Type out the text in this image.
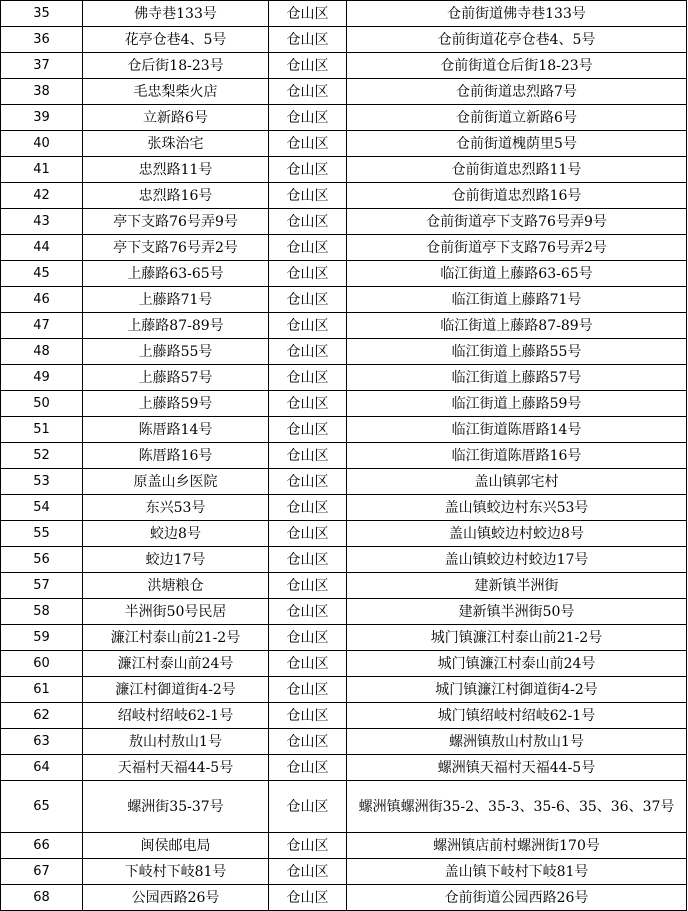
35	佛寺巷133号	仓山区	仓前街道佛寺巷133号
36	花亭仓巷4、5号	仓山区	仓前街道花亭仓巷4、5号
37	仓后街18-23号	仓山区	仓前街道仓后街18-23号
38	毛忠梨柴火店	仓山区	仓前街道忠烈路7号
39	立新路6号	仓山区	仓前街道立新路6号
40	张珠治宅	仓山区	仓前街道槐荫里5号
41	忠烈路11号	仓山区	仓前街道忠烈路11号
42	忠烈路16号	仓山区	仓前街道忠烈路16号
43	亭下支路76号弄9号	仓山区	仓前街道亭下支路76号弄9号
44	亭下支路76号弄2号	仓山区	仓前街道亭下支路76号弄2号
45	上藤路63-65号	仓山区	临江街道上藤路63-65号
46	上藤路71号	仓山区	临江街道上藤路71号
47	上藤路87-89号	仓山区	临江街道上藤路87-89号
48	上藤路55号	仓山区	临江街道上藤路55号
49	上藤路57号	仓山区	临江街道上藤路57号
50	上藤路59号	仓山区	临江街道上藤路59号
51	陈厝路14号	仓山区	临江街道陈厝路14号
52	陈厝路16号	仓山区	临江街道陈厝路16号
53	原盖山乡医院	仓山区	盖山镇郭宅村
54	东兴53号	仓山区	盖山镇蛟边村东兴53号
55	蛟边8号	仓山区	盖山镇蛟边村蛟边8号
56	蛟边17号	仓山区	盖山镇蛟边村蛟边17号
57	洪塘粮仓	仓山区	建新镇半洲街
58	半洲街50号民居	仓山区	建新镇半洲街50号
59	濂江村泰山前21-2号	仓山区	城门镇濂江村泰山前21-2号
60	濂江村泰山前24号	仓山区	城门镇濂江村泰山前24号
61	濂江村御道街4-2号	仓山区	城门镇濂江村御道街4-2号
62	绍岐村绍岐62-1号	仓山区	城门镇绍岐村绍岐62-1号
63	敖山村敖山1号	仓山区	螺洲镇敖山村敖山1号
64	天福村天福44-5号	仓山区	螺洲镇天福村天福44-5号
65	螺洲街35-37号	仓山区	螺洲镇螺洲街35-2、35-3、35-6、35、36、37号
66	闽侯邮电局	仓山区	螺洲镇店前村螺洲街170号
67	下岐村下岐81号	仓山区	盖山镇下岐村下岐81号
68	公园西路26号	仓山区	仓前街道公园西路26号
